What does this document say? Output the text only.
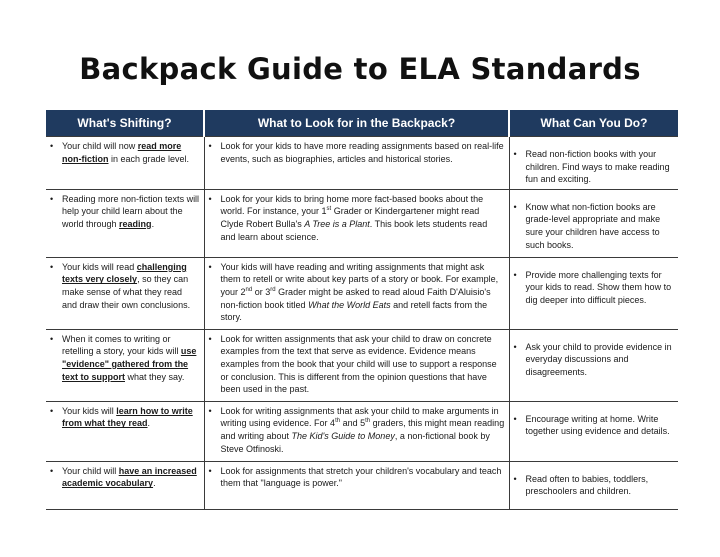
Backpack Guide to ELA Standards
What's Shifting?	What to Look for in the Backpack?	What Can You Do?

• Your child will now read more non-fiction in each grade level.	• Look for your kids to have more reading assignments based on real-life events, such as biographies, articles and historical stories.	• Read non-fiction books with your children. Find ways to make reading fun and exciting.

• Reading more non-fiction texts will help your child learn about the world through reading.	• Look for your kids to bring home more fact-based books about the world. For instance, your 1st Grader or Kindergartener might read Clyde Robert Bulla's A Tree is a Plant. This book lets students read and learn about science.	• Know what non-fiction books are grade-level appropriate and make sure your children have access to such books.

• Your kids will read challenging texts very closely, so they can make sense of what they read and draw their own conclusions.	• Your kids will have reading and writing assignments that might ask them to retell or write about key parts of a story or book. For example, your 2nd or 3rd Grader might be asked to read aloud Faith D'Aluisio's non-fiction book titled What the World Eats and retell facts from the story.	• Provide more challenging texts for your kids to read. Show them how to dig deeper into difficult pieces.

• When it comes to writing or retelling a story, your kids will use "evidence" gathered from the text to support what they say.	• Look for written assignments that ask your child to draw on concrete examples from the text that serve as evidence. Evidence means examples from the book that your child will use to support a response or conclusion. This is different from the opinion questions that have been used in the past.	• Ask your child to provide evidence in everyday discussions and disagreements.

• Your kids will learn how to write from what they read.	• Look for writing assignments that ask your child to make arguments in writing using evidence. For 4th and 5th graders, this might mean reading and writing about The Kid's Guide to Money, a non-fictional book by Steve Otfinoski.	• Encourage writing at home. Write together using evidence and details.

• Your child will have an increased academic vocabulary.	• Look for assignments that stretch your children's vocabulary and teach them that "language is power."	• Read often to babies, toddlers, preschoolers and children.
